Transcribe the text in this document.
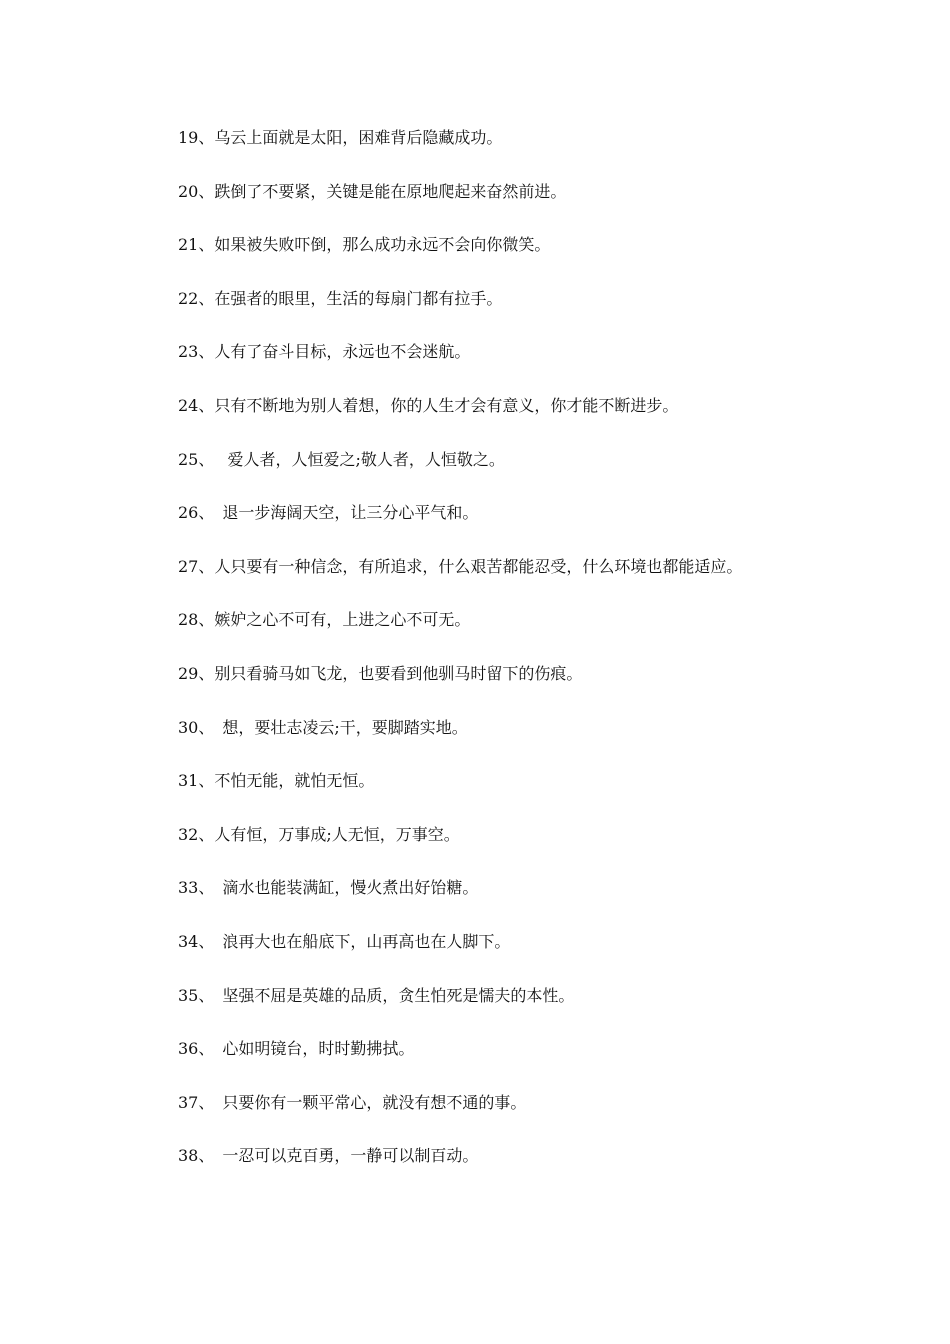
19、乌云上面就是太阳，困难背后隐藏成功。
20、跌倒了不要紧，关键是能在原地爬起来奋然前进。
21、如果被失败吓倒，那么成功永远不会向你微笑。
22、在强者的眼里，生活的每扇门都有拉手。
23、人有了奋斗目标，永远也不会迷航。
24、只有不断地为别人着想，你的人生才会有意义，你才能不断进步。
25、　 爱人者，人恒爱之;敬人者，人恒敬之。
26、　退一步海阔天空，让三分心平气和。
27、人只要有一种信念，有所追求，什么艰苦都能忍受，什么环境也都能适应。
28、嫉妒之心不可有，上进之心不可无。
29、别只看骑马如飞龙，也要看到他驯马时留下的伤痕。
30、　想，要壮志凌云;干，要脚踏实地。
31、不怕无能，就怕无恒。
32、人有恒，万事成;人无恒，万事空。
33、　滴水也能装满缸，慢火煮出好饴糖。
34、　浪再大也在船底下，山再高也在人脚下。
35、　坚强不屈是英雄的品质，贪生怕死是懦夫的本性。
36、　心如明镜台，时时勤拂拭。
37、　只要你有一颗平常心，就没有想不通的事。
38、　一忍可以克百勇，一静可以制百动。
